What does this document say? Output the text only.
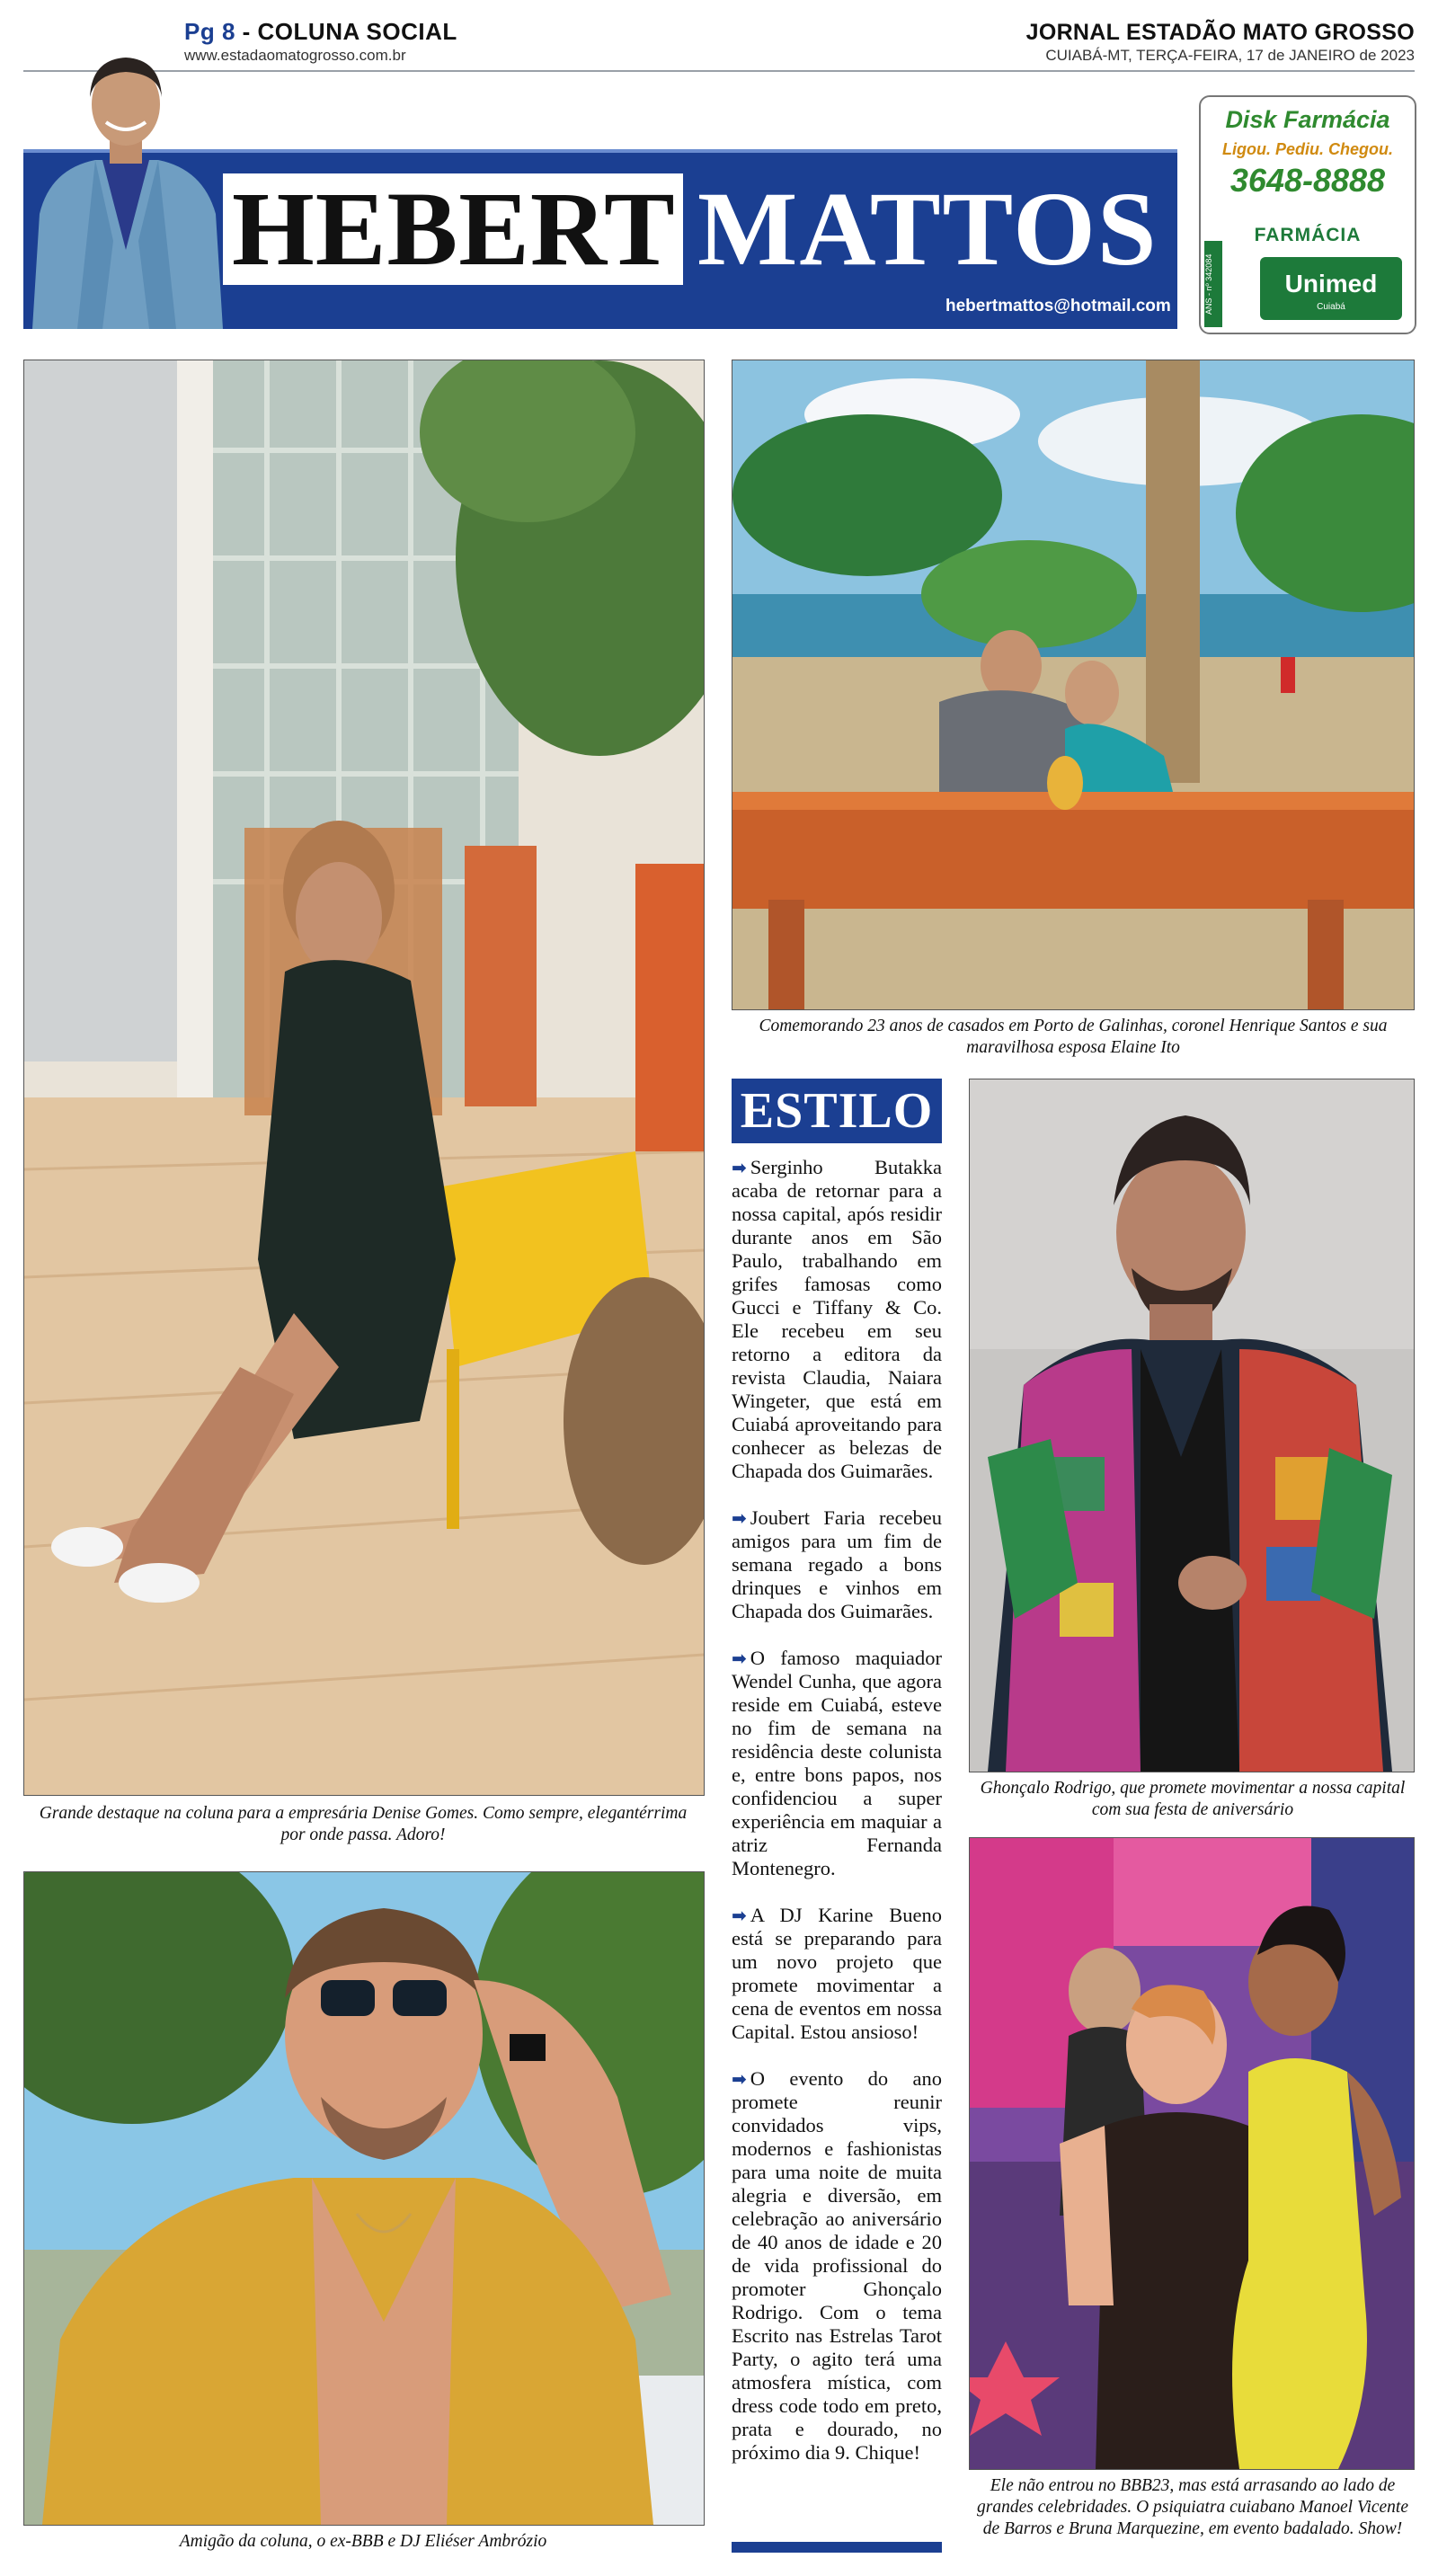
Pg 8 - COLUNA SOCIAL
www.estadaomatogrosso.com.br
JORNAL ESTADÃO MATO GROSSO
CUIABÁ-MT, TERÇA-FEIRA, 17 de JANEIRO de 2023
HEBERT MATTOS
hebertmattos@hotmail.com
Disk Farmácia
Ligou. Pediu. Chegou.
3648-8888
FARMÁCIA
ANS - nº 342084	Unimed
Cuiabá
Grande destaque na coluna para a empresária Denise Gomes. Como sempre, elegantérrima por onde passa. Adoro!
Comemorando 23 anos de casados em Porto de Galinhas, coronel Henrique Santos e sua maravilhosa esposa Elaine Ito
ESTILO

➡ Serginho Butakka acaba de retornar para a nossa capital, após residir durante anos em São Paulo, trabalhando em grifes famosas como Gucci e Tiffany & Co. Ele recebeu em seu retorno a editora da revista Claudia, Naiara Wingeter, que está em Cuiabá aproveitando para conhecer as belezas de Chapada dos Guimarães.

➡ Joubert Faria recebeu amigos para um fim de semana regado a bons drinques e vinhos em Chapada dos Guimarães.

➡ O famoso maquiador Wendel Cunha, que agora reside em Cuiabá, esteve no fim de semana na residência deste colunista e, entre bons papos, nos confidenciou a super experiência em maquiar a atriz Fernanda Montenegro.

➡ A DJ Karine Bueno está se preparando para um novo projeto que promete movimentar a cena de eventos em nossa Capital. Estou ansioso!

➡ O evento do ano promete reunir convidados vips, modernos e fashionistas para uma noite de muita alegria e diversão, em celebração ao aniversário de 40 anos de idade e 20 de vida profissional do promoter Ghonçalo Rodrigo. Com o tema Escrito nas Estrelas Tarot Party, o agito terá uma atmosfera mística, com dress code todo em preto, prata e dourado, no próximo dia 9. Chique!

Ghonçalo Rodrigo, que promete movimentar a nossa capital com sua festa de aniversário
Amigão da coluna, o ex-BBB e DJ Eliéser Ambrózio
Ele não entrou no BBB23, mas está arrasando ao lado de grandes celebridades. O psiquiatra cuiabano Manoel Vicente de Barros e Bruna Marquezine, em evento badalado. Show!
